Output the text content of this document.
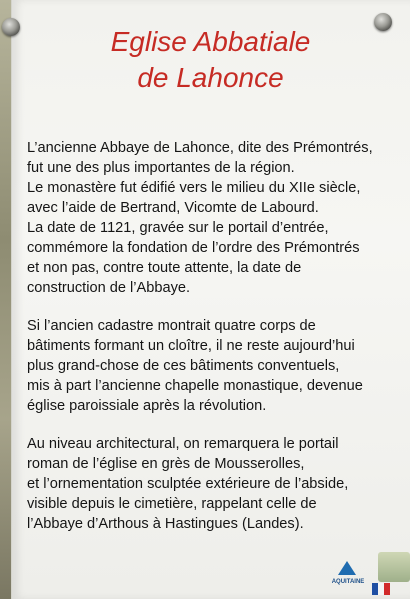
Eglise Abbatiale
de Lahonce
L’ancienne Abbaye de Lahonce, dite des Prémontrés,
fut une des plus importantes de la région.
Le monastère fut édifié vers le milieu du XIIe siècle,
avec l’aide de Bertrand, Vicomte de Labourd.
La date de 1121, gravée sur le portail d’entrée,
commémore la fondation de l’ordre des Prémontrés
et non pas, contre toute attente, la date de
construction de l’Abbaye.
Si l’ancien cadastre montrait quatre corps de
bâtiments formant un cloître, il ne reste aujourd’hui
plus grand-chose de ces bâtiments conventuels,
mis à part l’ancienne chapelle monastique, devenue
église paroissiale après la révolution.
Au niveau architectural, on remarquera le portail
roman de l’église en grès de Mousserolles,
et l’ornementation sculptée extérieure de l’abside,
visible depuis le cimetière, rappelant celle de
l’Abbaye d’Arthous à Hastingues (Landes).
AQUITAINE
